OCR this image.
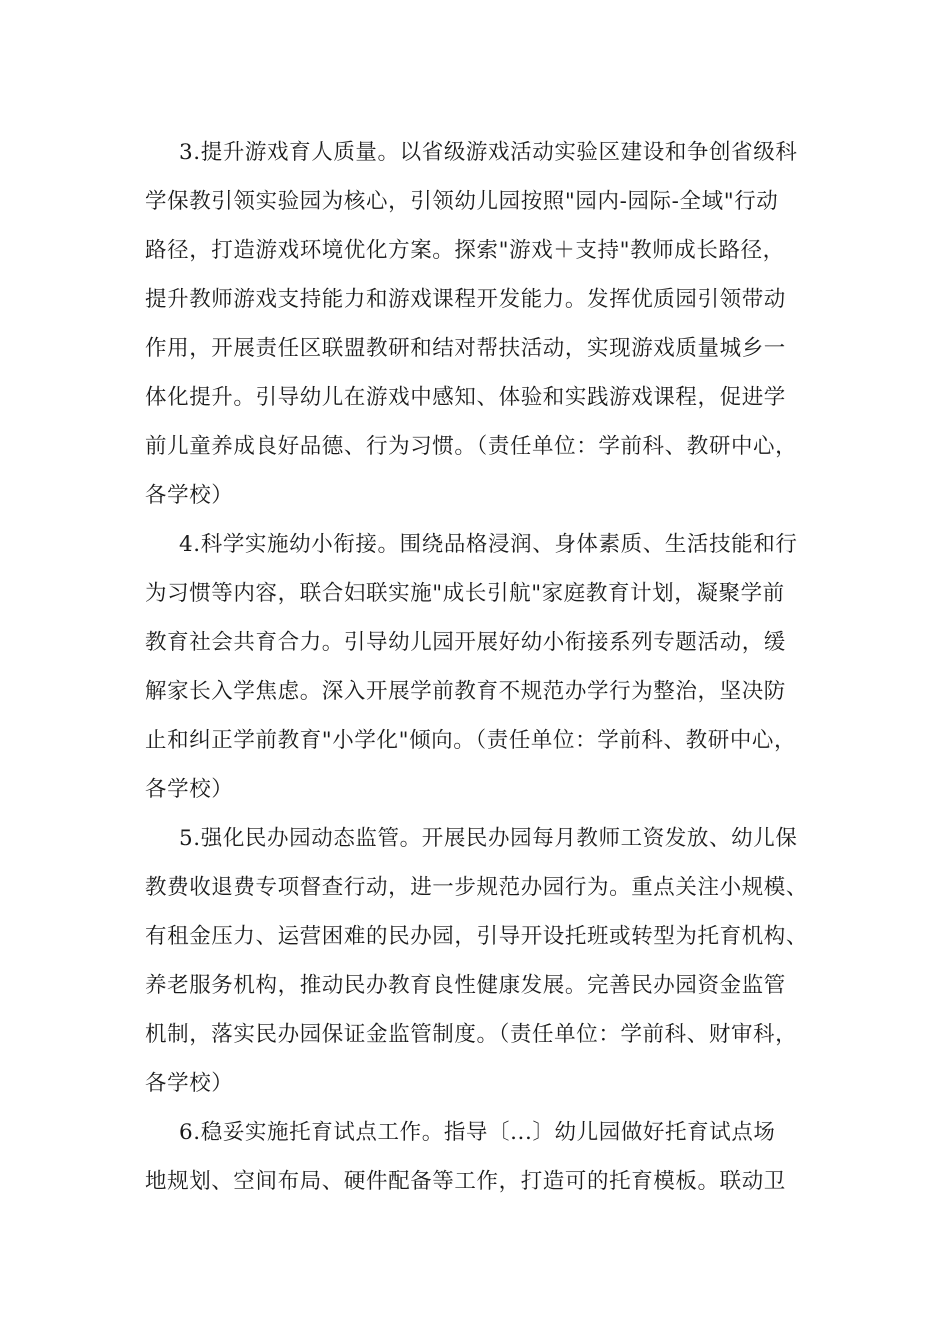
3.提升游戏育人质量。以省级游戏活动实验区建设和争创省级科
学保教引领实验园为核心，引领幼儿园按照"园内-园际-全域"行动
路径，打造游戏环境优化方案。探索"游戏＋支持"教师成长路径，
提升教师游戏支持能力和游戏课程开发能力。发挥优质园引领带动
作用，开展责任区联盟教研和结对帮扶活动，实现游戏质量城乡一
体化提升。引导幼儿在游戏中感知、体验和实践游戏课程，促进学
前儿童养成良好品德、行为习惯。（责任单位：学前科、教研中心，
各学校）
4.科学实施幼小衔接。围绕品格浸润、身体素质、生活技能和行
为习惯等内容，联合妇联实施"成长引航"家庭教育计划，凝聚学前
教育社会共育合力。引导幼儿园开展好幼小衔接系列专题活动，缓
解家长入学焦虑。深入开展学前教育不规范办学行为整治，坚决防
止和纠正学前教育"小学化"倾向。（责任单位：学前科、教研中心，
各学校）
5.强化民办园动态监管。开展民办园每月教师工资发放、幼儿保
教费收退费专项督查行动，进一步规范办园行为。重点关注小规模、
有租金压力、运营困难的民办园，引导开设托班或转型为托育机构、
养老服务机构，推动民办教育良性健康发展。完善民办园资金监管
机制，落实民办园保证金监管制度。（责任单位：学前科、财审科，
各学校）
6.稳妥实施托育试点工作。指导〔...〕幼儿园做好托育试点场
地规划、空间布局、硬件配备等工作，打造可的托育模板。联动卫
